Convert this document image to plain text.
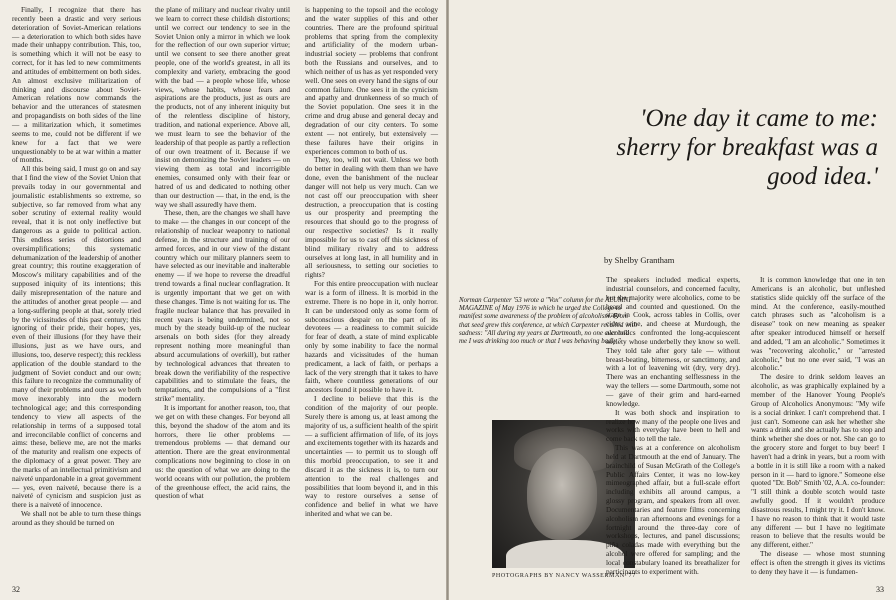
Finally, I recognize that there has recently been a drastic and very serious deterioration of Soviet-American relations — a deterioration to which both sides have made their unhappy contribution. This, too, is something which it will not be easy to correct, for it has led to new commitments and attitudes of embitterment on both sides. An almost exclusive militarization of thinking and discourse about Soviet-American relations now commands the behavior and the utterances of statesmen and propagandists on both sides of the line — a militarization which, it sometimes seems to me, could not be different if we knew for a fact that we were unquestionably to be at war within a matter of months.

All this being said, I must go on and say that I find the view of the Soviet Union that prevails today in our governmental and journalistic establishments so extreme, so subjective, so far removed from what any sober scrutiny of external reality would reveal, that it is not only ineffective but dangerous as a guide to political action. This endless series of distortions and oversimplifications; this systematic dehumanization of the leadership of another great country; this routine exaggeration of Moscow's military capabilities and of the supposed iniquity of its intentions; this daily misrepresentation of the nature and the attitudes of another great people — and a long-suffering people at that, sorely tried by the vicissitudes of this past century; this ignoring of their pride, their hopes, yes, even of their illusions (for they have their illusions, just as we have ours, and illusions, too, deserve respect); this reckless application of the double standard to the judgment of Soviet conduct and our own; this failure to recognize the communality of many of their problems and ours as we both move inexorably into the modern technological age; and this corresponding tendency to view all aspects of the relationship in terms of a supposed total and irreconcilable conflict of concerns and aims: these, believe me, are not the marks of the maturity and realism one expects of the diplomacy of a great power. They are the marks of an intellectual primitivism and naiveté unpardonable in a great government — yes, even naiveté, because there is a naiveté of cynicism and suspicion just as there is a naiveté of innocence.

We shall not be able to turn these things around as they should be turned on

the plane of military and nuclear rivalry until we learn to correct these childish distortions; until we correct our tendency to see in the Soviet Union only a mirror in which we look for the reflection of our own superior virtue; until we consent to see there another great people, one of the world's greatest, in all its complexity and variety, embracing the good with the bad — a people whose life, whose views, whose habits, whose fears and aspirations are the products, just as ours are the products, not of any inherent iniquity but of the relentless discipline of history, tradition, and national experience. Above all, we must learn to see the behavior of the leadership of that people as partly a reflection of our own treatment of it. Because if we insist on demonizing the Soviet leaders — on viewing them as total and incorrigible enemies, consumed only with their fear or hatred of us and dedicated to nothing other than our destruction — that, in the end, is the way we shall assuredly have them.

These, then, are the changes we shall have to make — the changes in our concept of the relationship of nuclear weaponry to national defense, in the structure and training of our armed forces, and in our view of the distant country which our military planners seem to have selected as our inevitable and inalterable enemy — if we hope to reverse the dreadful trend towards a final nuclear conflagration. It is urgently important that we get on with these changes. Time is not waiting for us. The fragile nuclear balance that has prevailed in recent years is being undermined, not so much by the steady build-up of the nuclear arsenals on both sides (for they already represent nothing more meaningful than absurd accumulations of overkill), but rather by technological advances that threaten to break down the verifiability of the respective capabilities and to stimulate the fears, the temptations, and the compulsions of a "first strike" mentality.

It is important for another reason, too, that we get on with these changes. For beyond all this, beyond the shadow of the atom and its horrors, there lie other problems — tremendous problems — that demand our attention. There are the great environmental complications now beginning to close in on us: the question of what we are doing to the world oceans with our pollution, the problem of the greenhouse effect, the acid rains, the question of what

is happening to the topsoil and the ecology and the water supplies of this and other countries. There are the profound spiritual problems that spring from the complexity and artificiality of the modern urban-industrial society — problems that confront both the Russians and ourselves, and to which neither of us has as yet responded very well. One sees on every hand the signs of our common failure. One sees it in the cynicism and apathy and drunkenness of so much of the Soviet population. One sees it in the crime and drug abuse and general decay and degradation of our city centers. To some extent — not entirely, but extensively — these failures have their origins in experiences common to both of us.

They, too, will not wait. Unless we both do better in dealing with them than we have done, even the banishment of the nuclear danger will not help us very much. Can we not cast off our preoccupation with sheer destruction, a preoccupation that is costing us our prosperity and preempting the resources that should go to the progress of our respective societies? Is it really impossible for us to cast off this sickness of blind military rivalry and to address ourselves at long last, in all humility and in all seriousness, to setting our societies to rights?

For this entire preoccupation with nuclear war is a form of illness. It is morbid in the extreme. There is no hope in it, only horror. It can be understood only as some form of subconscious despair on the part of its devotees — a readiness to commit suicide for fear of death, a state of mind explicable only by some inability to face the normal hazards and vicissitudes of the human predicament, a lack of faith, or perhaps a lack of the very strength that it takes to have faith, where countless generations of our ancestors found it possible to have it.

I decline to believe that this is the condition of the majority of our people. Surely there is among us, at least among the majority of us, a sufficient health of the spirit — a sufficient affirmation of life, of its joys and excitements together with its hazards and uncertainties — to permit us to slough off this morbid preoccupation, to see it and discard it as the sickness it is, to turn our attention to the real challenges and possibilities that loom beyond it, and in this way to restore ourselves a sense of confidence and belief in what we have inherited and what we can be.

32
'One day it came to me: sherry for breakfast was a good idea.'
by Shelby Grantham
Norman Carpenter '53 wrote a "Vox" column for the ALUMNI MAGAZINE of May 1976 in which he urged the College to manifest some awareness of the problem of alcoholism. From that seed grew this conference, at which Carpenter recalled with sadness: "All during my years at Dartmouth, no one ever told me I was drinking too much or that I was behaving badly."
PHOTOGRAPHS BY NANCY WASSERMAN '77

The speakers included medical experts, industrial counselors, and concerned faculty, but the majority were alcoholics, come to be heard and counted and questioned. On the stage in Cook, across tables in Collis, over cider, wine, and cheese at Murdough, the alcoholics confronted the long-acquiescent society whose underbelly they know so well. They told tale after gory tale — without breast-beating, bitterness, or sanctimony, and with a lot of leavening wit (dry, very dry). There was an enchanting selflessness in the way the tellers — some Dartmouth, some not — gave of their grim and hard-earned knowledge.

It was both shock and inspiration to realize how many of the people one lives and works with everyday have been to hell and come back to tell the tale.

This was at a conference on alcoholism held at Dartmouth at the end of January. The brainchild of Susan McGrath of the College's Public Affairs Center, it was no low-key mimeographed affair, but a full-scale effort including exhibits all around campus, a glossy program, and speakers from all over. Documentaries and feature films concerning alcoholism ran afternoons and evenings for a fortnight around the three-day core of workshops, lectures, and panel discussions; piña coladas made with everything but the alcohol were offered for sampling; and the local constabulary loaned its breathalizer for participants to experiment with.

It is common knowledge that one in ten Americans is an alcoholic, but unfleshed statistics slide quickly off the surface of the mind. At the conference, easily-mouthed catch phrases such as "alcoholism is a disease" took on new meaning as speaker after speaker introduced himself or herself and added, "I am an alcoholic." Sometimes it was "recovering alcoholic," or "arrested alcoholic," but no one ever said, "I was an alcoholic."

The desire to drink seldom leaves an alcoholic, as was graphically explained by a member of the Hanover Young People's Group of Alcoholics Anonymous: "My wife is a social drinker. I can't comprehend that. I just can't. Someone can ask her whether she wants a drink and she actually has to stop and think whether she does or not. She can go to the grocery store and forget to buy beer! I haven't had a drink in years, but a room with a bottle in it is still like a room with a naked person in it — hard to ignore." Someone else quoted "Dr. Bob" Smith '02, A.A. co-founder: "I still think a double scotch would taste awfully good. If it wouldn't produce disastrous results, I might try it. I don't know. I have no reason to think that it would taste any different — but I have no legitimate reason to believe that the results would be any different, either."

The disease — whose most stunning effect is often the strength it gives its victims to deny they have it — is fundamen-

33
